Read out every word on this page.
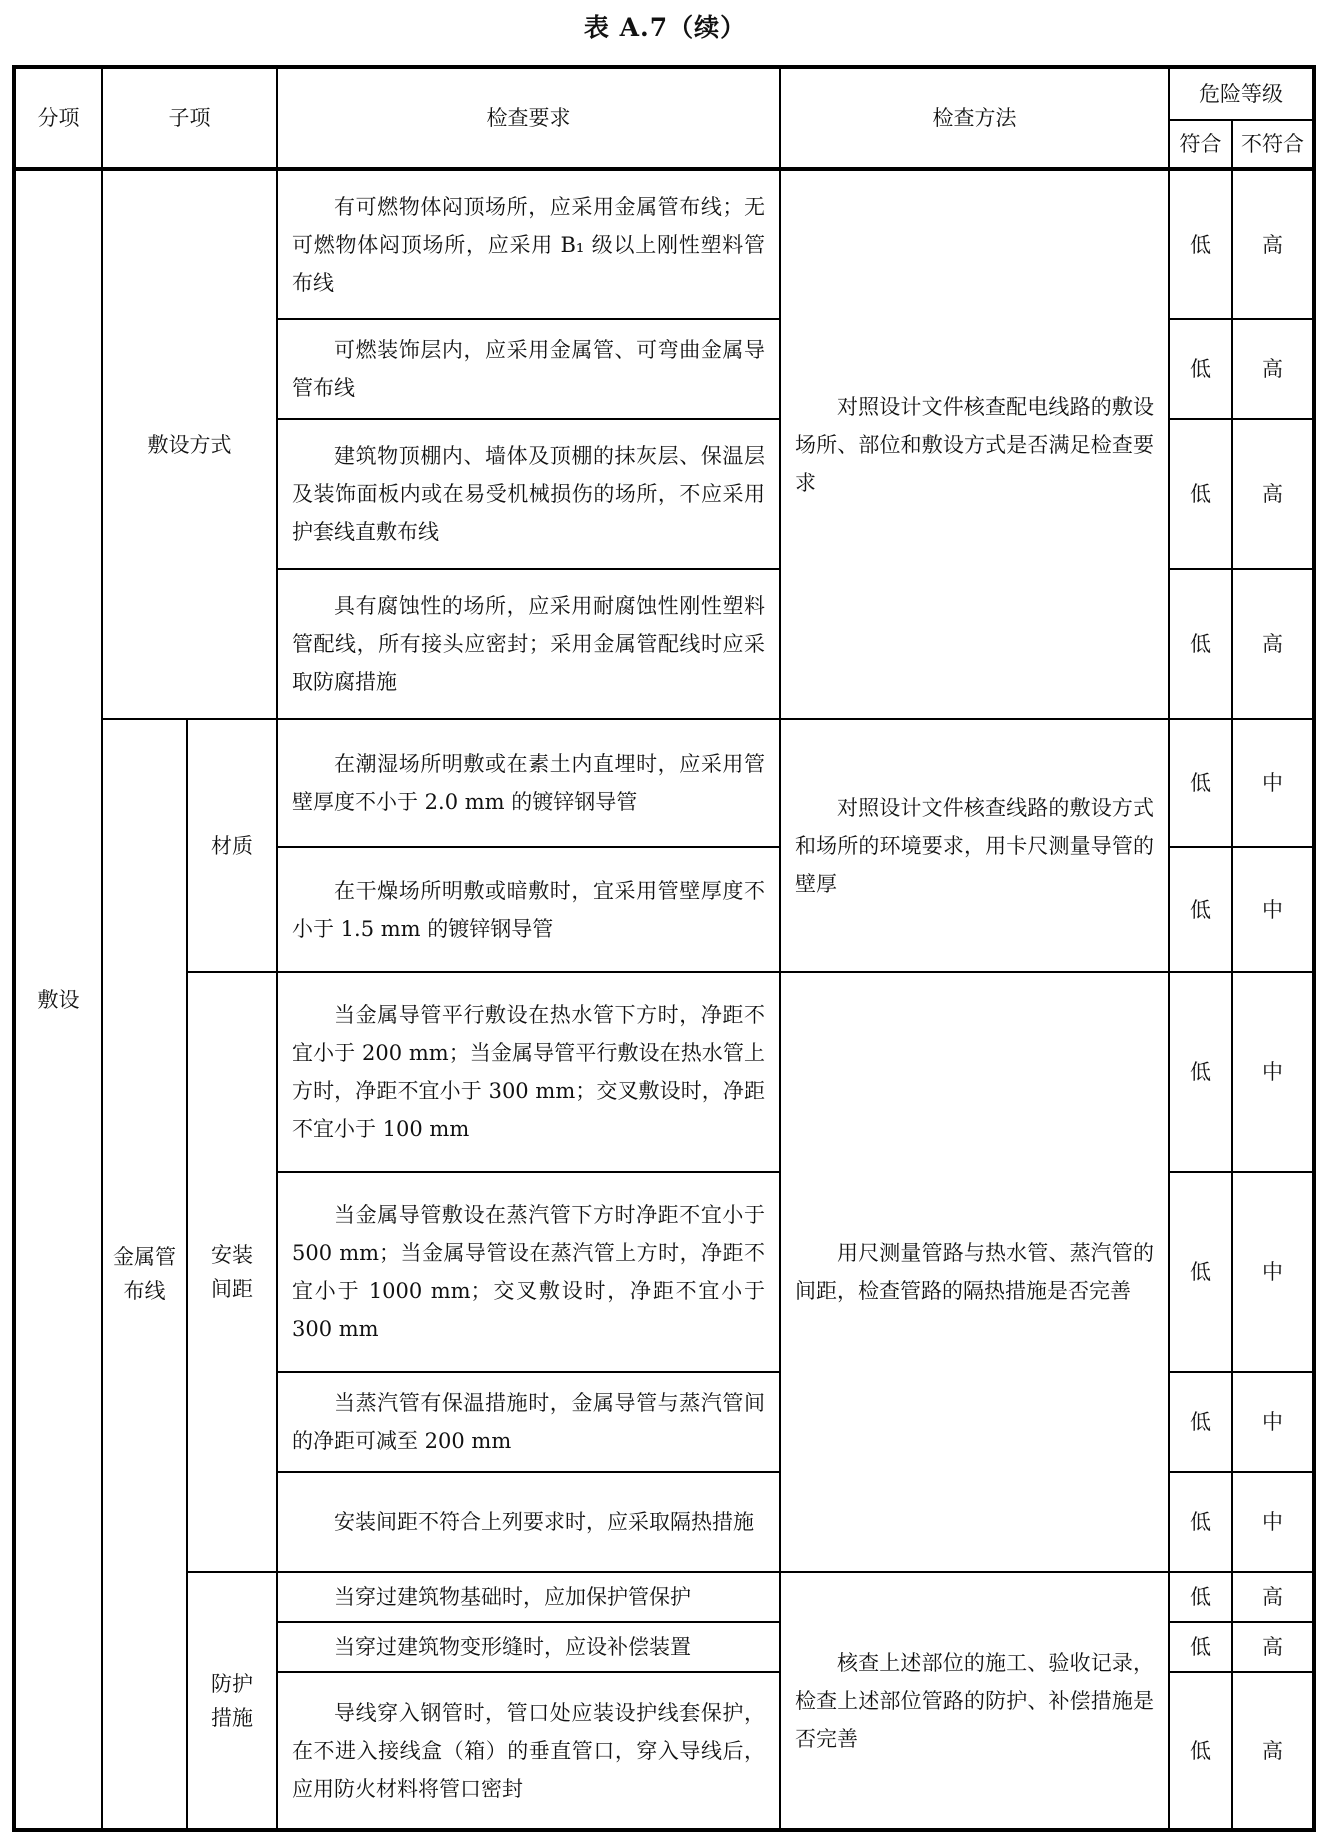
表 A.7（续）
分项	子项		检查要求	检查方法	危险等级	
					符合	不符合
敷设	敷设方式		有可燃物体闷顶场所，应采用金属管布线；无可燃物体闷顶场所，应采用 B₁ 级以上刚性塑料管布线	对照设计文件核查配电线路的敷设场所、部位和敷设方式是否满足检查要求	低	高
			可燃装饰层内，应采用金属管、可弯曲金属导管布线		低	高
			建筑物顶棚内、墙体及顶棚的抹灰层、保温层及装饰面板内或在易受机械损伤的场所，不应采用护套线直敷布线		低	高
			具有腐蚀性的场所，应采用耐腐蚀性刚性塑料管配线，所有接头应密封；采用金属管配线时应采取防腐措施		低	高
	金属管布线	材质	在潮湿场所明敷或在素土内直埋时，应采用管壁厚度不小于 2.0 mm 的镀锌钢导管	对照设计文件核查线路的敷设方式和场所的环境要求，用卡尺测量导管的壁厚	低	中
			在干燥场所明敷或暗敷时，宜采用管壁厚度不小于 1.5 mm 的镀锌钢导管		低	中
		安装间距	当金属导管平行敷设在热水管下方时，净距不宜小于 200 mm；当金属导管平行敷设在热水管上方时，净距不宜小于 300 mm；交叉敷设时，净距不宜小于 100 mm	用尺测量管路与热水管、蒸汽管的间距，检查管路的隔热措施是否完善	低	中
			当金属导管敷设在蒸汽管下方时净距不宜小于 500 mm；当金属导管设在蒸汽管上方时，净距不宜小于 1000 mm；交叉敷设时，净距不宜小于 300 mm		低	中
			当蒸汽管有保温措施时，金属导管与蒸汽管间的净距可减至 200 mm		低	中
			安装间距不符合上列要求时，应采取隔热措施		低	中
		防护措施	当穿过建筑物基础时，应加保护管保护	核查上述部位的施工、验收记录，检查上述部位管路的防护、补偿措施是否完善	低	高
			当穿过建筑物变形缝时，应设补偿装置		低	高
			导线穿入钢管时，管口处应装设护线套保护，在不进入接线盒（箱）的垂直管口，穿入导线后，应用防火材料将管口密封		低	高
